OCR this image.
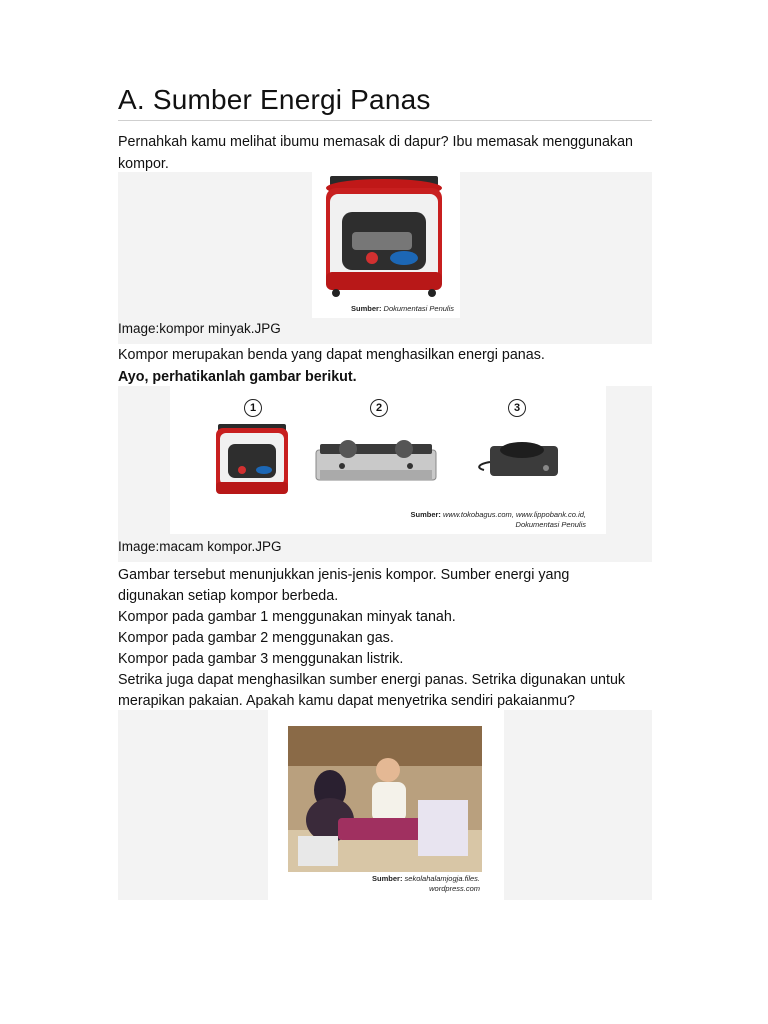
A. Sumber Energi Panas

Pernahkah kamu melihat ibumu memasak di dapur? Ibu memasak menggunakan

kompor.

Sumber: Dokumentasi Penulis
Image:kompor minyak.JPG

Kompor merupakan benda yang dapat menghasilkan energi panas.

Ayo, perhatikanlah gambar berikut.

1	2	3
Sumber: www.tokobagus.com, www.lippobank.co.id,
Dokumentasi Penulis
Image:macam kompor.JPG

Gambar tersebut menunjukkan jenis-jenis kompor. Sumber energi yang

digunakan setiap kompor berbeda.

Kompor pada gambar 1 menggunakan minyak tanah.

Kompor pada gambar 2 menggunakan gas.

Kompor pada gambar 3 menggunakan listrik.

Setrika juga dapat menghasilkan sumber energi panas. Setrika digunakan untuk

merapikan pakaian. Apakah kamu dapat menyetrika sendiri pakaianmu?

Sumber: sekolahalamjogja.files.
wordpress.com
